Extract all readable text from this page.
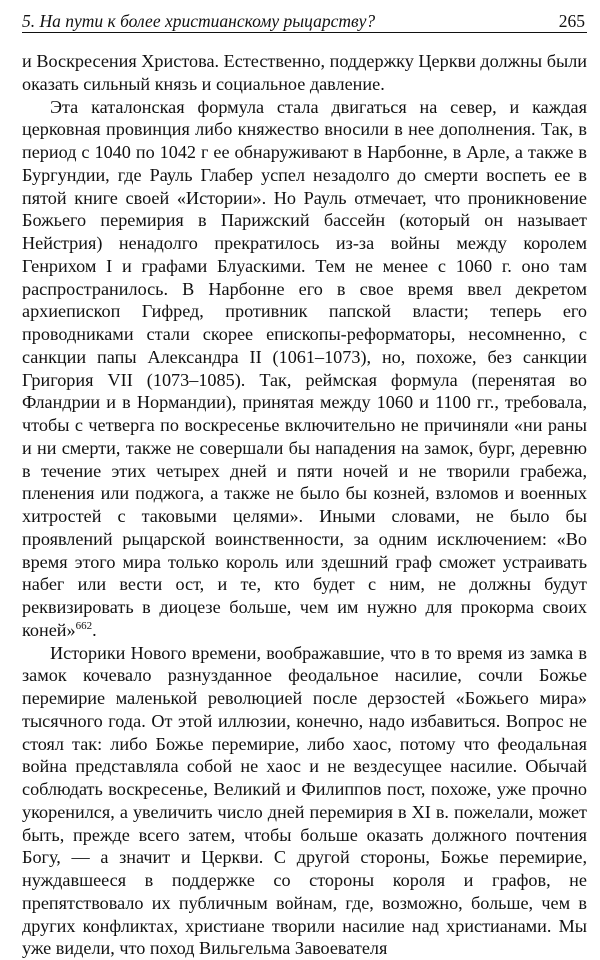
5. На пути к более христианскому рыцарству?	265

и Воскресения Христова. Естественно, поддержку Церкви должны были оказать сильный князь и социальное давление.

Эта каталонская формула стала двигаться на север, и каждая церковная провинция либо княжество вносили в нее дополнения. Так, в период с 1040 по 1042 г ее обнаруживают в Нарбонне, в Арле, а также в Бургундии, где Рауль Глабер успел незадолго до смерти воспеть ее в пятой книге своей «Истории». Но Рауль отмечает, что проникновение Божьего перемирия в Парижский бассейн (который он называет Нейстрия) ненадолго прекратилось из-за войны между королем Генрихом I и графами Блуаскими. Тем не менее с 1060 г. оно там распространилось. В Нарбонне его в свое время ввел декретом архиепископ Гифред, противник папской власти; теперь его проводниками стали скорее епископы-реформаторы, несомненно, с санкции папы Александра II (1061–1073), но, похоже, без санкции Григория VII (1073–1085). Так, реймская формула (перенятая во Фландрии и в Нормандии), принятая между 1060 и 1100 гг., требовала, чтобы с четверга по воскресенье включительно не причиняли «ни раны и ни смерти, также не совершали бы нападения на замок, бург, деревню в течение этих четырех дней и пяти ночей и не творили грабежа, пленения или поджога, а также не было бы козней, взломов и военных хитростей с таковыми целями». Иными словами, не было бы проявлений рыцарской воинственности, за одним исключением: «Во время этого мира только король или здешний граф сможет устраивать набег или вести ост, и те, кто будет с ним, не должны будут реквизировать в диоцезе больше, чем им нужно для прокорма своих коней»$^{662}$.

Историки Нового времени, воображавшие, что в то время из замка в замок кочевало разнузданное феодальное насилие, сочли Божье перемирие маленькой революцией после дерзостей «Божьего мира» тысячного года. От этой иллюзии, конечно, надо избавиться. Вопрос не стоял так: либо Божье перемирие, либо хаос, потому что феодальная война представляла собой не хаос и не вездесущее насилие. Обычай соблюдать воскресенье, Великий и Филиппов пост, похоже, уже прочно укоренился, а увеличить число дней перемирия в XI в. пожелали, может быть, прежде всего затем, чтобы больше оказать должного почтения Богу, — а значит и Церкви. С другой стороны, Божье перемирие, нуждавшееся в поддержке со стороны короля и графов, не препятствовало их публичным войнам, где, возможно, больше, чем в других конфликтах, христиане творили насилие над христианами. Мы уже видели, что поход Вильгельма Завоевателя
